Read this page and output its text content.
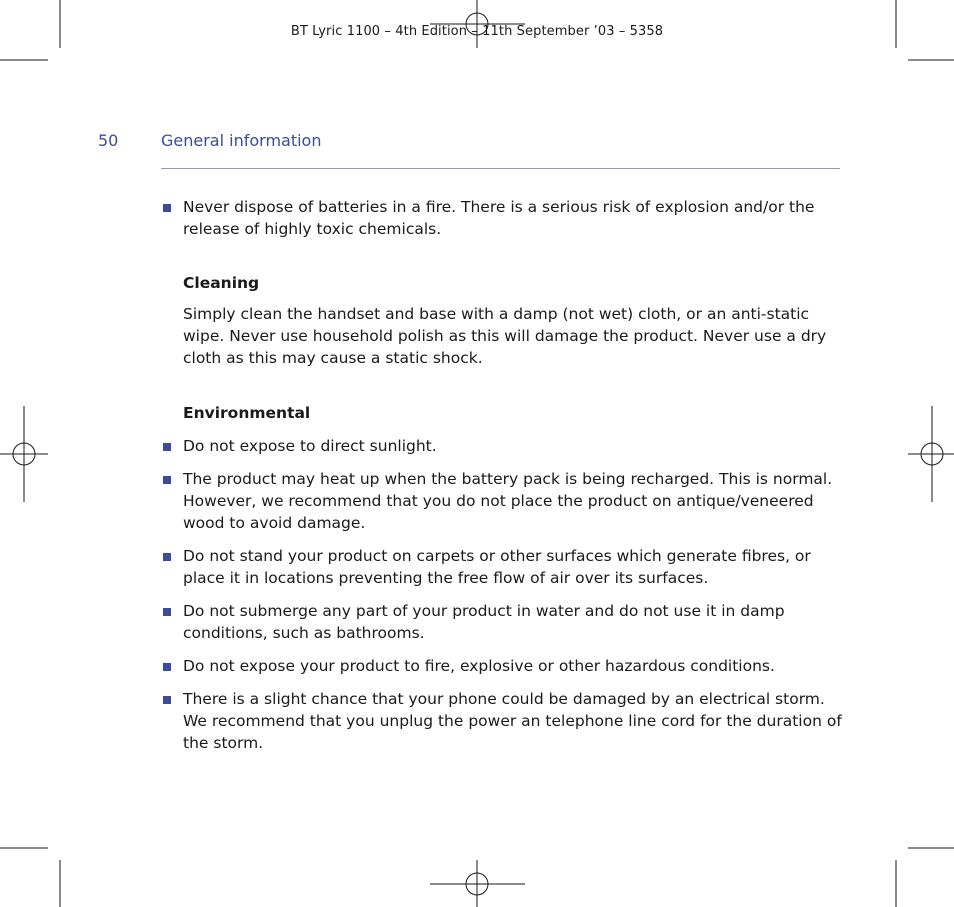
BT Lyric 1100 – 4th Edition – 11th September ’03 – 5358
50	General information

Never dispose of batteries in a fire. There is a serious risk of explosion and/or the release of highly toxic chemicals.

Cleaning

Simply clean the handset and base with a damp (not wet) cloth, or an anti-static wipe. Never use household polish as this will damage the product. Never use a dry cloth as this may cause a static shock.

Environmental

Do not expose to direct sunlight.

The product may heat up when the battery pack is being recharged. This is normal. However, we recommend that you do not place the product on antique/veneered wood to avoid damage.

Do not stand your product on carpets or other surfaces which generate fibres, or place it in locations preventing the free flow of air over its surfaces.

Do not submerge any part of your product in water and do not use it in damp conditions, such as bathrooms.

Do not expose your product to fire, explosive or other hazardous conditions.

There is a slight chance that your phone could be damaged by an electrical storm. We recommend that you unplug the power an telephone line cord for the duration of the storm.
